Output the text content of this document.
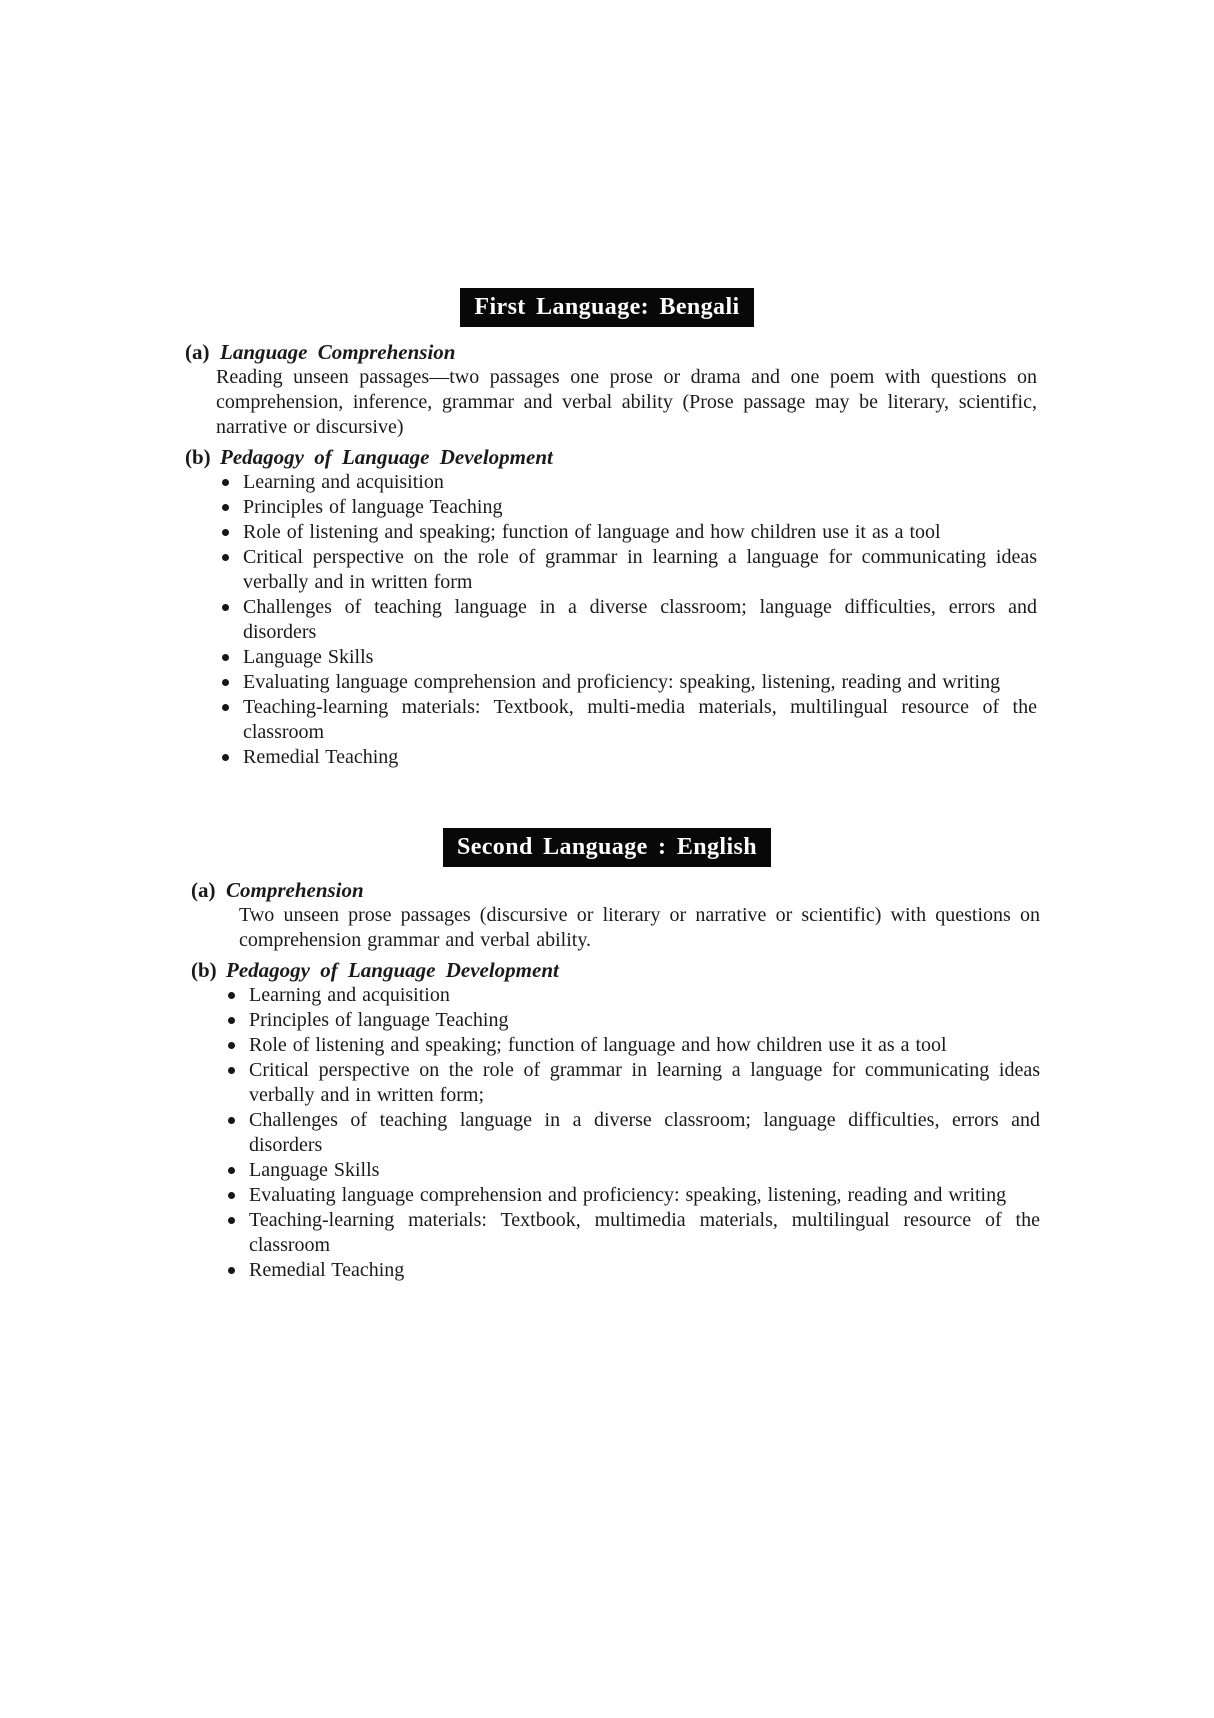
First Language: Bengali
(a) Language Comprehension

Reading unseen passages—two passages one prose or drama and one poem with questions on comprehension, inference, grammar and verbal ability (Prose passage may be literary, scientific, narrative or discursive)

(b) Pedagogy of Language Development
Learning and acquisition
Principles of language Teaching
Role of listening and speaking; function of language and how children use it as a tool
Critical perspective on the role of grammar in learning a language for communicating ideas verbally and in written form
Challenges of teaching language in a diverse classroom; language difficulties, errors and disorders
Language Skills
Evaluating language comprehension and proficiency: speaking, listening, reading and writing
Teaching-learning materials: Textbook, multi-media materials, multilingual resource of the classroom
Remedial Teaching
Second Language : English
(a) Comprehension

Two unseen prose passages (discursive or literary or narrative or scientific) with questions on comprehension grammar and verbal ability.

(b) Pedagogy of Language Development
Learning and acquisition
Principles of language Teaching
Role of listening and speaking; function of language and how children use it as a tool
Critical perspective on the role of grammar in learning a language for communicating ideas verbally and in written form;
Challenges of teaching language in a diverse classroom; language difficulties, errors and disorders
Language Skills
Evaluating language comprehension and proficiency: speaking, listening, reading and writing
Teaching-learning materials: Textbook, multimedia materials, multilingual resource of the classroom
Remedial Teaching
